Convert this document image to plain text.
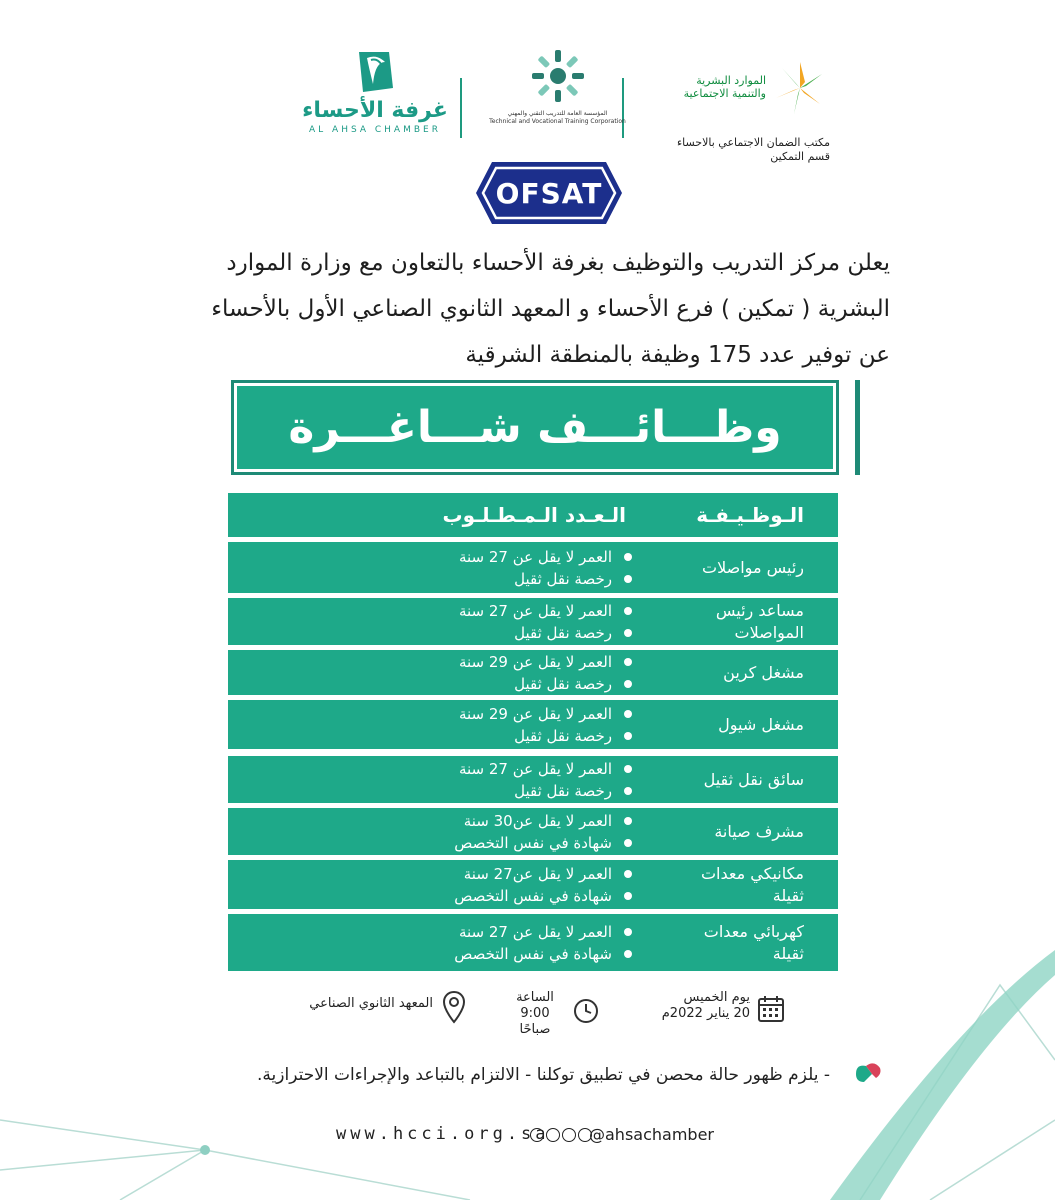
الموارد البشرية
والتنمية الاجتماعية
مكتب الضمان الاجتماعي بالاحساء
قسم التمكين
المؤسسة العامة للتدريب التقني والمهني
Technical and Vocational Training Corporation
غرفة الأحساء
AL AHSA CHAMBER
OFSAT
يعلن مركز التدريب والتوظيف بغرفة الأحساء بالتعاون مع وزارة الموارد
البشرية ( تمكين ) فرع الأحساء و المعهد الثانوي الصناعي الأول بالأحساء
عن توفير عدد 175 وظيفة بالمنطقة الشرقية
وظـــائـــف شـــاغـــرة
الـوظـيـفـة
الـعـدد الـمـطـلـوب
رئيس مواصلات
العمر لا يقل عن 27 سنة
رخصة نقل ثقيل
مساعد رئيس
المواصلات
العمر لا يقل عن 27 سنة
رخصة نقل ثقيل
مشغل كرين
العمر لا يقل عن 29 سنة
رخصة نقل ثقيل
مشغل شيول
العمر لا يقل عن 29 سنة
رخصة نقل ثقيل
سائق نقل ثقيل
العمر لا يقل عن 27 سنة
رخصة نقل ثقيل
مشرف صيانة
العمر لا يقل عن30 سنة
شهادة في نفس التخصص
مكانيكي معدات
ثقيلة
العمر لا يقل عن27 سنة
شهادة في نفس التخصص
كهربائي معدات
ثقيلة
العمر لا يقل عن 27 سنة
شهادة في نفس التخصص
يوم الخميس
20 يناير 2022م
الساعة
9:00
صباحًا
المعهد الثانوي الصناعي
- يلزم ظهور حالة محصن في تطبيق توكلنا - الالتزام بالتباعد والإجراءات الاحترازية.
www.hcci.org.sa @ahsachamber
